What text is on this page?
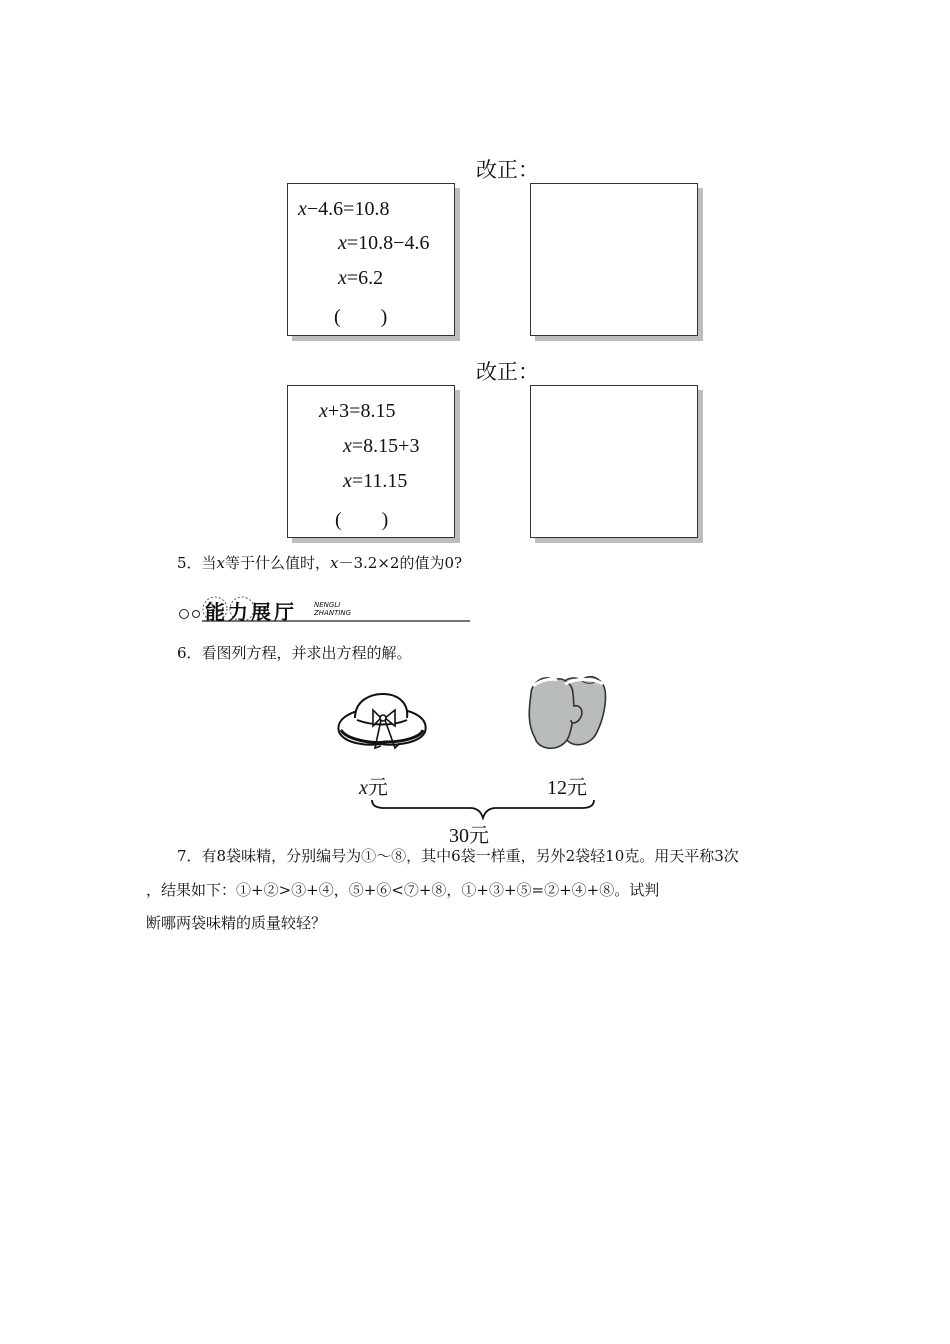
改正：
x−4.6=10.8
x=10.8−4.6
x=6.2
(　　)
改正：
x+3=8.15
x=8.15+3
x=11.15
(　　)
5．当x等于什么值时，x－3.2×2的值为0?
能力展厅 NENGLI
ZHANTING
6．看图列方程，并求出方程的解。
x元	12元
30元
7．有8袋味精，分别编号为①～⑧，其中6袋一样重，另外2袋轻10克。用天平称3次
，结果如下：①+②>③+④，⑤+⑥<⑦+⑧，①+③+⑤=②+④+⑧。试判
断哪两袋味精的质量较轻？
